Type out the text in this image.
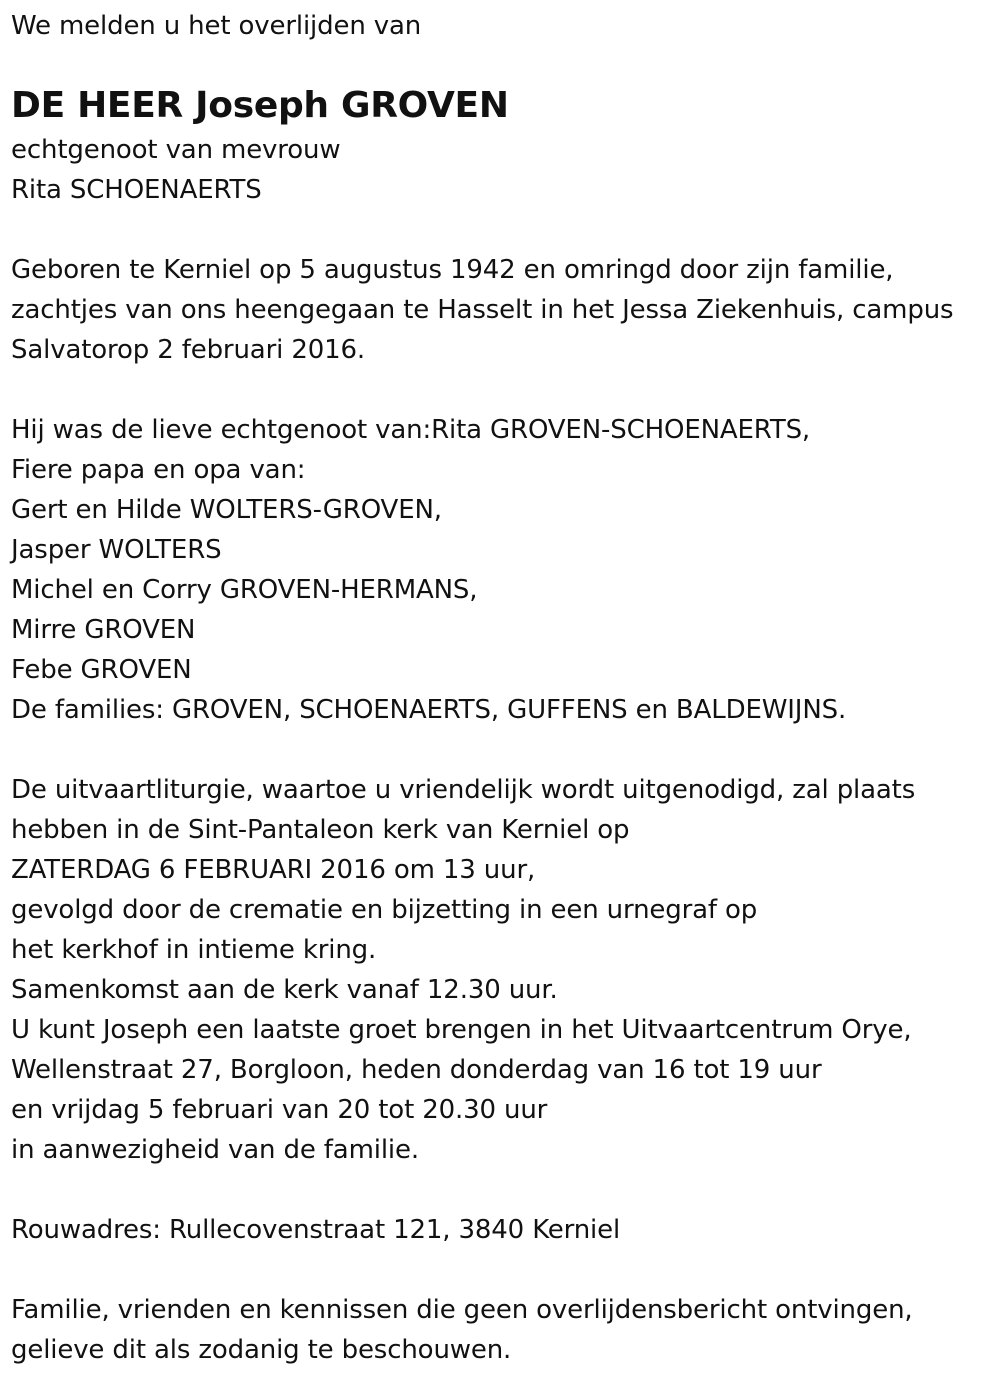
We melden u het overlijden van
DE HEER Joseph GROVEN
echtgenoot van mevrouw
Rita SCHOENAERTS
Geboren te Kerniel op 5 augustus 1942 en omringd door zijn familie,
zachtjes van ons heengegaan te Hasselt in het Jessa Ziekenhuis, campus
Salvatorop 2 februari 2016.
Hij was de lieve echtgenoot van:Rita GROVEN-SCHOENAERTS,
Fiere papa en opa van:
Gert en Hilde WOLTERS-GROVEN,
Jasper WOLTERS
Michel en Corry GROVEN-HERMANS,
Mirre GROVEN
Febe GROVEN
De families: GROVEN, SCHOENAERTS, GUFFENS en BALDEWIJNS.
De uitvaartliturgie, waartoe u vriendelijk wordt uitgenodigd, zal plaats
hebben in de Sint-Pantaleon kerk van Kerniel op
ZATERDAG 6 FEBRUARI 2016 om 13 uur,
gevolgd door de crematie en bijzetting in een urnegraf op
het kerkhof in intieme kring.
Samenkomst aan de kerk vanaf 12.30 uur.
U kunt Joseph een laatste groet brengen in het Uitvaartcentrum Orye,
Wellenstraat 27, Borgloon, heden donderdag van 16 tot 19 uur
en vrijdag 5 februari van 20 tot 20.30 uur
in aanwezigheid van de familie.
Rouwadres: Rullecovenstraat 121, 3840 Kerniel
Familie, vrienden en kennissen die geen overlijdensbericht ontvingen,
gelieve dit als zodanig te beschouwen.
